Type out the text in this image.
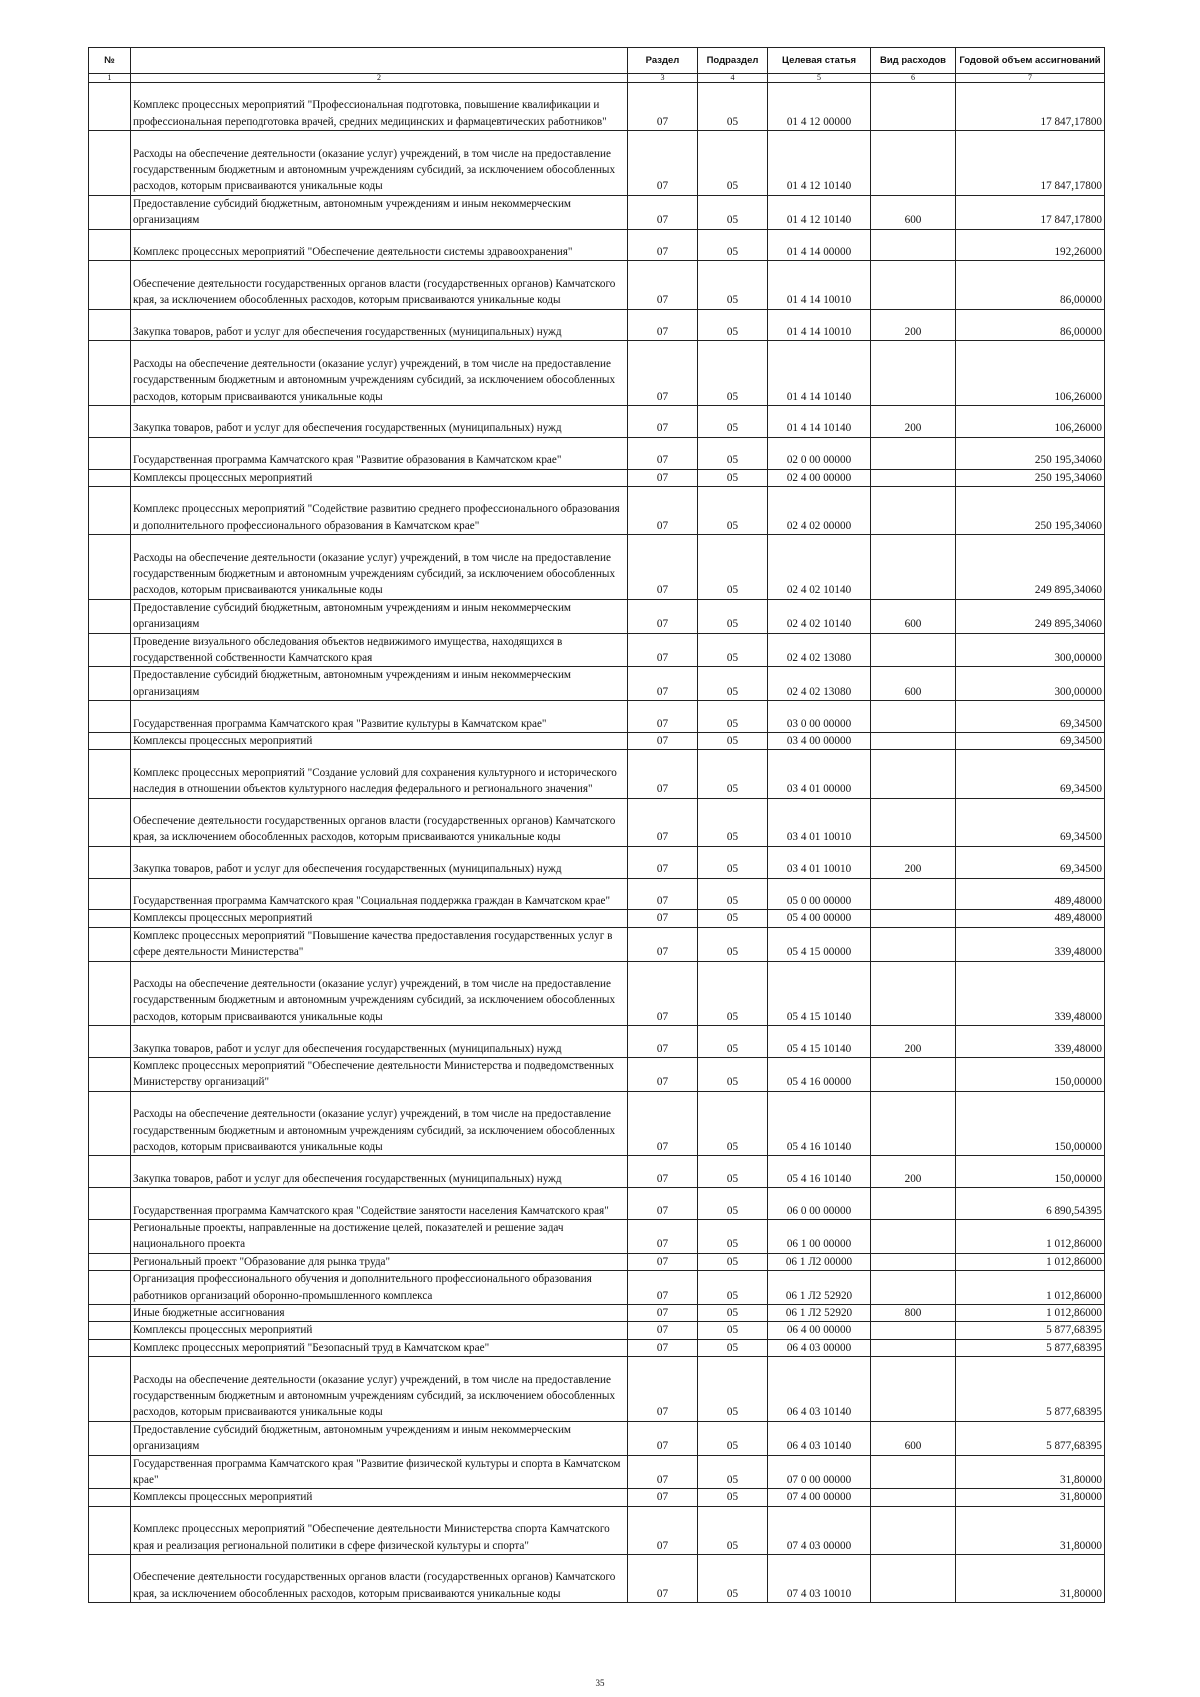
№		Раздел	Подраздел	Целевая статья	Вид расходов	Годовой объем ассигнований
1	2	3	4	5	6	7
	Комплекс процессных мероприятий "Профессиональная подготовка, повышение квалификации и профессиональная переподготовка врачей, средних медицинских и фармацевтических работников"	07	05	01 4 12 00000		17 847,17800
	Расходы на обеспечение деятельности (оказание услуг) учреждений, в том числе на предоставление государственным бюджетным и автономным учреждениям субсидий, за исключением обособленных расходов, которым присваиваются уникальные коды	07	05	01 4 12 10140		17 847,17800
	Предоставление субсидий бюджетным, автономным учреждениям и иным некоммерческим организациям	07	05	01 4 12 10140	600	17 847,17800
	Комплекс процессных мероприятий "Обеспечение деятельности системы здравоохранения"	07	05	01 4 14 00000		192,26000
	Обеспечение деятельности государственных органов власти (государственных органов) Камчатского края, за исключением обособленных расходов, которым присваиваются уникальные коды	07	05	01 4 14 10010		86,00000
	Закупка товаров, работ и услуг для обеспечения государственных (муниципальных) нужд	07	05	01 4 14 10010	200	86,00000
	Расходы на обеспечение деятельности (оказание услуг) учреждений, в том числе на предоставление государственным бюджетным и автономным учреждениям субсидий, за исключением обособленных расходов, которым присваиваются уникальные коды	07	05	01 4 14 10140		106,26000
	Закупка товаров, работ и услуг для обеспечения государственных (муниципальных) нужд	07	05	01 4 14 10140	200	106,26000
	Государственная программа Камчатского края "Развитие образования в Камчатском крае"	07	05	02 0 00 00000		250 195,34060
	Комплексы процессных мероприятий	07	05	02 4 00 00000		250 195,34060
	Комплекс процессных мероприятий "Содействие развитию среднего профессионального образования и дополнительного профессионального образования в Камчатском крае"	07	05	02 4 02 00000		250 195,34060
	Расходы на обеспечение деятельности (оказание услуг) учреждений, в том числе на предоставление государственным бюджетным и автономным учреждениям субсидий, за исключением обособленных расходов, которым присваиваются уникальные коды	07	05	02 4 02 10140		249 895,34060
	Предоставление субсидий бюджетным, автономным учреждениям и иным некоммерческим организациям	07	05	02 4 02 10140	600	249 895,34060
	Проведение визуального обследования объектов недвижимого имущества, находящихся в государственной собственности Камчатского края	07	05	02 4 02 13080		300,00000
	Предоставление субсидий бюджетным, автономным учреждениям и иным некоммерческим организациям	07	05	02 4 02 13080	600	300,00000
	Государственная программа Камчатского края "Развитие культуры в Камчатском крае"	07	05	03 0 00 00000		69,34500
	Комплексы процессных мероприятий	07	05	03 4 00 00000		69,34500
	Комплекс процессных мероприятий "Создание условий для сохранения культурного и исторического наследия в отношении объектов культурного наследия федерального и регионального значения"	07	05	03 4 01 00000		69,34500
	Обеспечение деятельности государственных органов власти (государственных органов) Камчатского края, за исключением обособленных расходов, которым присваиваются уникальные коды	07	05	03 4 01 10010		69,34500
	Закупка товаров, работ и услуг для обеспечения государственных (муниципальных) нужд	07	05	03 4 01 10010	200	69,34500
	Государственная программа Камчатского края "Социальная поддержка граждан в Камчатском крае"	07	05	05 0 00 00000		489,48000
	Комплексы процессных мероприятий	07	05	05 4 00 00000		489,48000
	Комплекс процессных мероприятий "Повышение качества предоставления государственных услуг в сфере деятельности Министерства"	07	05	05 4 15 00000		339,48000
	Расходы на обеспечение деятельности (оказание услуг) учреждений, в том числе на предоставление государственным бюджетным и автономным учреждениям субсидий, за исключением обособленных расходов, которым присваиваются уникальные коды	07	05	05 4 15 10140		339,48000
	Закупка товаров, работ и услуг для обеспечения государственных (муниципальных) нужд	07	05	05 4 15 10140	200	339,48000
	Комплекс процессных мероприятий "Обеспечение деятельности Министерства и подведомственных Министерству организаций"	07	05	05 4 16 00000		150,00000
	Расходы на обеспечение деятельности (оказание услуг) учреждений, в том числе на предоставление государственным бюджетным и автономным учреждениям субсидий, за исключением обособленных расходов, которым присваиваются уникальные коды	07	05	05 4 16 10140		150,00000
	Закупка товаров, работ и услуг для обеспечения государственных (муниципальных) нужд	07	05	05 4 16 10140	200	150,00000
	Государственная программа Камчатского края "Содействие занятости населения Камчатского края"	07	05	06 0 00 00000		6 890,54395
	Региональные проекты, направленные на достижение целей, показателей и решение задач национального проекта	07	05	06 1 00 00000		1 012,86000
	Региональный проект "Образование для рынка труда"	07	05	06 1 Л2 00000		1 012,86000
	Организация профессионального обучения и дополнительного профессионального образования работников организаций оборонно-промышленного комплекса	07	05	06 1 Л2 52920		1 012,86000
	Иные бюджетные ассигнования	07	05	06 1 Л2 52920	800	1 012,86000
	Комплексы процессных мероприятий	07	05	06 4 00 00000		5 877,68395
	Комплекс процессных мероприятий "Безопасный труд в Камчатском крае"	07	05	06 4 03 00000		5 877,68395
	Расходы на обеспечение деятельности (оказание услуг) учреждений, в том числе на предоставление государственным бюджетным и автономным учреждениям субсидий, за исключением обособленных расходов, которым присваиваются уникальные коды	07	05	06 4 03 10140		5 877,68395
	Предоставление субсидий бюджетным, автономным учреждениям и иным некоммерческим организациям	07	05	06 4 03 10140	600	5 877,68395
	Государственная программа Камчатского края "Развитие физической культуры и спорта в Камчатском крае"	07	05	07 0 00 00000		31,80000
	Комплексы процессных мероприятий	07	05	07 4 00 00000		31,80000
	Комплекс процессных мероприятий "Обеспечение деятельности Министерства спорта Камчатского края и реализация региональной политики в сфере физической культуры и спорта"	07	05	07 4 03 00000		31,80000
	Обеспечение деятельности государственных органов власти (государственных органов) Камчатского края, за исключением обособленных расходов, которым присваиваются уникальные коды	07	05	07 4 03 10010		31,80000
35
